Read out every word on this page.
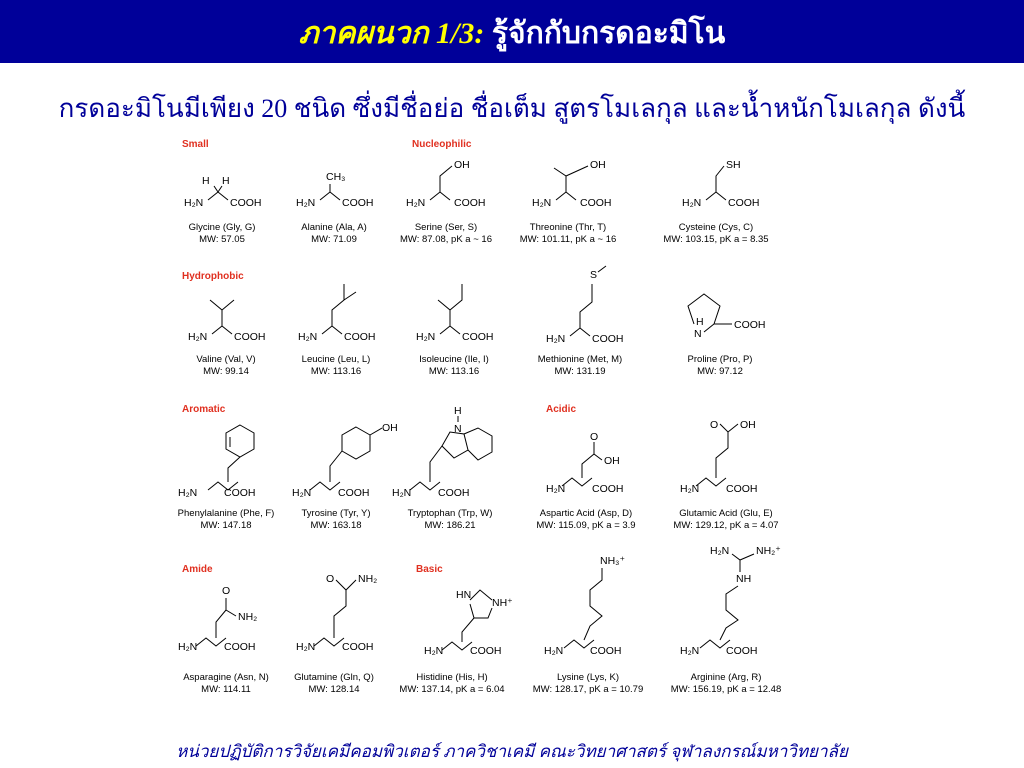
ภาคผนวก 1/3: รู้จักกับกรดอะมิโน
กรดอะมิโนมีเพียง 20 ชนิด ซึ่งมีชื่อย่อ ชื่อเต็ม สูตรโมเลกุล และน้ำหนักโมเลกุล ดังนี้
Small	Nucleophilic
H₂N
H H
COOH
Glycine (Gly, G)
MW: 57.05
H₂N
CH₃
COOH
Alanine (Ala, A)
MW: 71.09
OH
H₂N	COOH
Serine (Ser, S)
MW: 87.08, pK a ~ 16
OH
H₂N	COOH
Threonine (Thr, T)
MW: 101.11, pK a ~ 16
SH
H₂N	COOH
Cysteine (Cys, C)
MW: 103.15, pK a = 8.35
Hydrophobic
H₂N	COOH
Valine (Val, V)
MW: 99.14
H₂N	COOH
Leucine (Leu, L)
MW: 113.16
H₂N	COOH
Isoleucine (Ile, I)
MW: 113.16
S
H₂N	COOH
Methionine (Met, M)
MW: 131.19
N
H	COOH
Proline (Pro, P)
MW: 97.12
Aromatic	Acidic
H₂N	COOH
Phenylalanine (Phe, F)
MW: 147.18
OH
H₂N	COOH
Tyrosine (Tyr, Y)
MW: 163.18
H
N
H₂N	COOH
Tryptophan (Trp, W)
MW: 186.21
O
OH
H₂N	COOH
Aspartic Acid (Asp, D)
MW: 115.09, pK a = 3.9
O OH
H₂N	COOH
Glutamic Acid (Glu, E)
MW: 129.12, pK a = 4.07
Amide	Basic
O
NH₂
H₂N	COOH
Asparagine (Asn, N)
MW: 114.11
O NH₂
H₂N	COOH
Glutamine (Gln, Q)
MW: 128.14
HN
NH⁺
H₂N	COOH
Histidine (His, H)
MW: 137.14, pK a = 6.04
NH₃⁺
H₂N	COOH
Lysine (Lys, K)
MW: 128.17, pK a = 10.79
H₂N	NH₂⁺
NH
H₂N	COOH
Arginine (Arg, R)
MW: 156.19, pK a = 12.48
หน่วยปฏิบัติการวิจัยเคมีคอมพิวเตอร์ ภาควิชาเคมี คณะวิทยาศาสตร์ จุฬาลงกรณ์มหาวิทยาลัย
